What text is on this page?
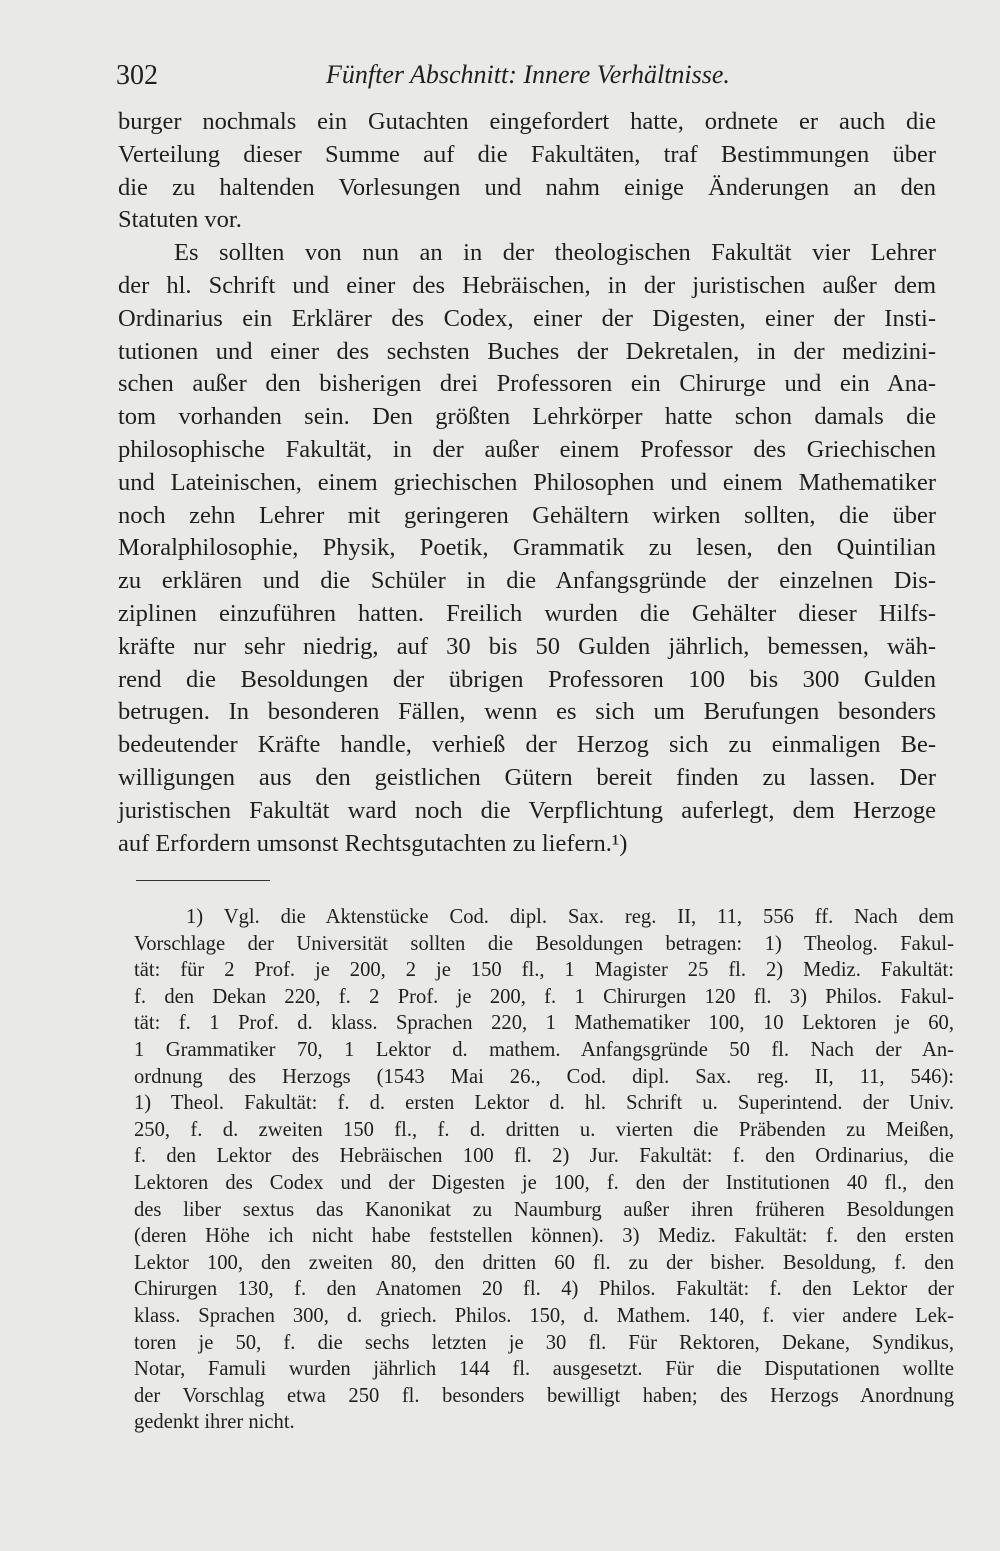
302	Fünfter Abschnitt: Innere Verhältnisse.
burger nochmals ein Gutachten eingefordert hatte, ordnete er auch die
Verteilung dieser Summe auf die Fakultäten, traf Bestimmungen über
die zu haltenden Vorlesungen und nahm einige Änderungen an den
Statuten vor.
Es sollten von nun an in der theologischen Fakultät vier Lehrer
der hl. Schrift und einer des Hebräischen, in der juristischen außer dem
Ordinarius ein Erklärer des Codex, einer der Digesten, einer der Insti-
tutionen und einer des sechsten Buches der Dekretalen, in der medizini-
schen außer den bisherigen drei Professoren ein Chirurge und ein Ana-
tom vorhanden sein. Den größten Lehrkörper hatte schon damals die
philosophische Fakultät, in der außer einem Professor des Griechischen
und Lateinischen, einem griechischen Philosophen und einem Mathematiker
noch zehn Lehrer mit geringeren Gehältern wirken sollten, die über
Moralphilosophie, Physik, Poetik, Grammatik zu lesen, den Quintilian
zu erklären und die Schüler in die Anfangsgründe der einzelnen Dis-
ziplinen einzuführen hatten. Freilich wurden die Gehälter dieser Hilfs-
kräfte nur sehr niedrig, auf 30 bis 50 Gulden jährlich, bemessen, wäh-
rend die Besoldungen der übrigen Professoren 100 bis 300 Gulden
betrugen. In besonderen Fällen, wenn es sich um Berufungen besonders
bedeutender Kräfte handle, verhieß der Herzog sich zu einmaligen Be-
willigungen aus den geistlichen Gütern bereit finden zu lassen. Der
juristischen Fakultät ward noch die Verpflichtung auferlegt, dem Herzoge
auf Erfordern umsonst Rechtsgutachten zu liefern.¹)
1) Vgl. die Aktenstücke Cod. dipl. Sax. reg. II, 11, 556 ff. Nach dem
Vorschlage der Universität sollten die Besoldungen betragen: 1) Theolog. Fakul-
tät: für 2 Prof. je 200, 2 je 150 fl., 1 Magister 25 fl. 2) Mediz. Fakultät:
f. den Dekan 220, f. 2 Prof. je 200, f. 1 Chirurgen 120 fl. 3) Philos. Fakul-
tät: f. 1 Prof. d. klass. Sprachen 220, 1 Mathematiker 100, 10 Lektoren je 60,
1 Grammatiker 70, 1 Lektor d. mathem. Anfangsgründe 50 fl. Nach der An-
ordnung des Herzogs (1543 Mai 26., Cod. dipl. Sax. reg. II, 11, 546):
1) Theol. Fakultät: f. d. ersten Lektor d. hl. Schrift u. Superintend. der Univ.
250, f. d. zweiten 150 fl., f. d. dritten u. vierten die Präbenden zu Meißen,
f. den Lektor des Hebräischen 100 fl. 2) Jur. Fakultät: f. den Ordinarius, die
Lektoren des Codex und der Digesten je 100, f. den der Institutionen 40 fl., den
des liber sextus das Kanonikat zu Naumburg außer ihren früheren Besoldungen
(deren Höhe ich nicht habe feststellen können). 3) Mediz. Fakultät: f. den ersten
Lektor 100, den zweiten 80, den dritten 60 fl. zu der bisher. Besoldung, f. den
Chirurgen 130, f. den Anatomen 20 fl. 4) Philos. Fakultät: f. den Lektor der
klass. Sprachen 300, d. griech. Philos. 150, d. Mathem. 140, f. vier andere Lek-
toren je 50, f. die sechs letzten je 30 fl. Für Rektoren, Dekane, Syndikus,
Notar, Famuli wurden jährlich 144 fl. ausgesetzt. Für die Disputationen wollte
der Vorschlag etwa 250 fl. besonders bewilligt haben; des Herzogs Anordnung
gedenkt ihrer nicht.
